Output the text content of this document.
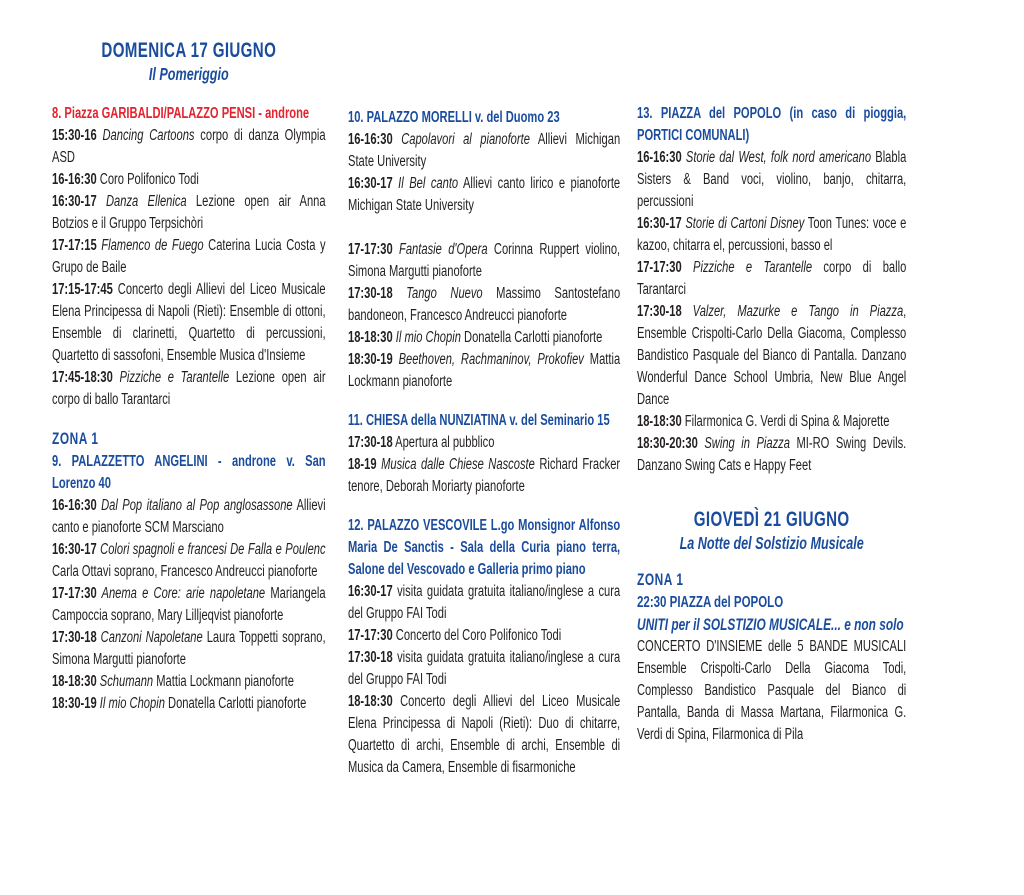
DOMENICA 17 GIUGNO
Il Pomeriggio
8. Piazza GARIBALDI/PALAZZO PENSI - androne

15:30-16 Dancing Cartoons corpo di danza Olympia ASD

16-16:30 Coro Polifonico Todi

16:30-17 Danza Ellenica Lezione open air Anna Botzios e il Gruppo Terpsichòri

17-17:15 Flamenco de Fuego Caterina Lucia Costa y Grupo de Baile

17:15-17:45 Concerto degli Allievi del Liceo Musicale Elena Principessa di Napoli (Rieti): Ensemble di ottoni, Ensemble di clarinetti, Quartetto di percussioni, Quartetto di sassofoni, Ensemble Musica d'Insieme

17:45-18:30 Pizziche e Tarantelle Lezione open air corpo di ballo Tarantarci

ZONA 1
9. PALAZZETTO ANGELINI - androne v. San Lorenzo 40

16-16:30 Dal Pop italiano al Pop anglosassone Allievi canto e pianoforte SCM Marsciano

16:30-17 Colori spagnoli e francesi De Falla e Poulenc Carla Ottavi soprano, Francesco Andreucci pianoforte

17-17:30 Anema e Core: arie napoletane Mariangela Campoccia soprano, Mary Lilljeqvist pianoforte

17:30-18 Canzoni Napoletane Laura Toppetti soprano, Simona Margutti pianoforte

18-18:30 Schumann Mattia Lockmann pianoforte

18:30-19 Il mio Chopin Donatella Carlotti pianoforte

10. PALAZZO MORELLI v. del Duomo 23

16-16:30 Capolavori al pianoforte Allievi Michigan State University

16:30-17 Il Bel canto Allievi canto lirico e pianoforte Michigan State University

17-17:30 Fantasie d'Opera Corinna Ruppert violino, Simona Margutti pianoforte

17:30-18 Tango Nuevo Massimo Santostefano bandoneon, Francesco Andreucci pianoforte

18-18:30 Il mio Chopin Donatella Carlotti pianoforte

18:30-19 Beethoven, Rachmaninov, Prokofiev Mattia Lockmann pianoforte

11. CHIESA della NUNZIATINA v. del Seminario 15

17:30-18 Apertura al pubblico

18-19 Musica dalle Chiese Nascoste Richard Fracker tenore, Deborah Moriarty pianoforte

12. PALAZZO VESCOVILE L.go Monsignor Alfonso Maria De Sanctis - Sala della Curia piano terra, Salone del Vescovado e Galleria primo piano

16:30-17 visita guidata gratuita italiano/inglese a cura del Gruppo FAI Todi

17-17:30 Concerto del Coro Polifonico Todi

17:30-18 visita guidata gratuita italiano/inglese a cura del Gruppo FAI Todi

18-18:30 Concerto degli Allievi del Liceo Musicale Elena Principessa di Napoli (Rieti): Duo di chitarre, Quartetto di archi, Ensemble di archi, Ensemble di Musica da Camera, Ensemble di fisarmoniche

13. PIAZZA del POPOLO (in caso di pioggia, PORTICI COMUNALI)

16-16:30 Storie dal West, folk nord americano Blabla Sisters & Band voci, violino, banjo, chitarra, percussioni

16:30-17 Storie di Cartoni Disney Toon Tunes: voce e kazoo, chitarra el, percussioni, basso el

17-17:30 Pizziche e Tarantelle corpo di ballo Tarantarci

17:30-18 Valzer, Mazurke e Tango in Piazza, Ensemble Crispolti-Carlo Della Giacoma, Complesso Bandistico Pasquale del Bianco di Pantalla. Danzano Wonderful Dance School Umbria, New Blue Angel Dance

18-18:30 Filarmonica G. Verdi di Spina & Majorette

18:30-20:30 Swing in Piazza MI-RO Swing Devils. Danzano Swing Cats e Happy Feet

GIOVEDÌ 21 GIUGNO
La Notte del Solstizio Musicale
ZONA 1
22:30 PIAZZA del POPOLO
UNITI per il SOLSTIZIO MUSICALE... e non solo
CONCERTO D'INSIEME delle 5 BANDE MUSICALI Ensemble Crispolti-Carlo Della Giacoma Todi, Complesso Bandistico Pasquale del Bianco di Pantalla, Banda di Massa Martana, Filarmonica G. Verdi di Spina, Filarmonica di Pila
